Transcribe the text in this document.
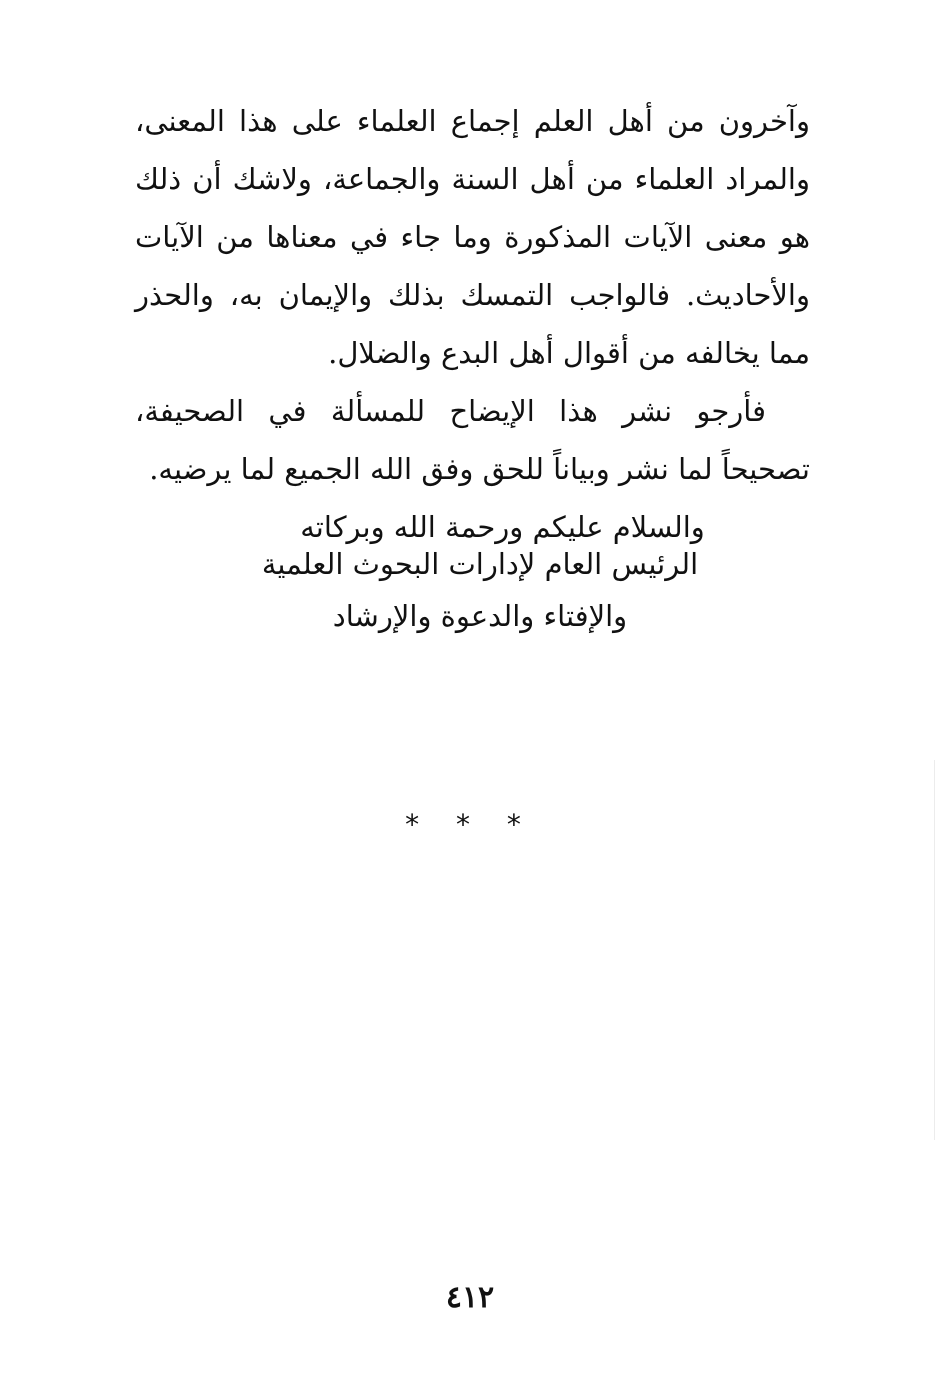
وآخرون من أهل العلم إجماع العلماء على هذا المعنى، والمراد العلماء من أهل السنة والجماعة، ولاشك أن ذلك هو معنى الآيات المذكورة وما جاء في معناها من الآيات والأحاديث. فالواجب التمسك بذلك والإيمان به، والحذر مما يخالفه من أقوال أهل البدع والضلال.

فأرجو نشر هذا الإيضاح للمسألة في الصحيفة، تصحيحاً لما نشر وبياناً للحق وفق الله الجميع لما يرضيه.

والسلام عليكم ورحمة الله وبركاته

الرئيس العام لإدارات البحوث العلمية
والإفتاء والدعوة والإرشاد
* * *
٤١٢
